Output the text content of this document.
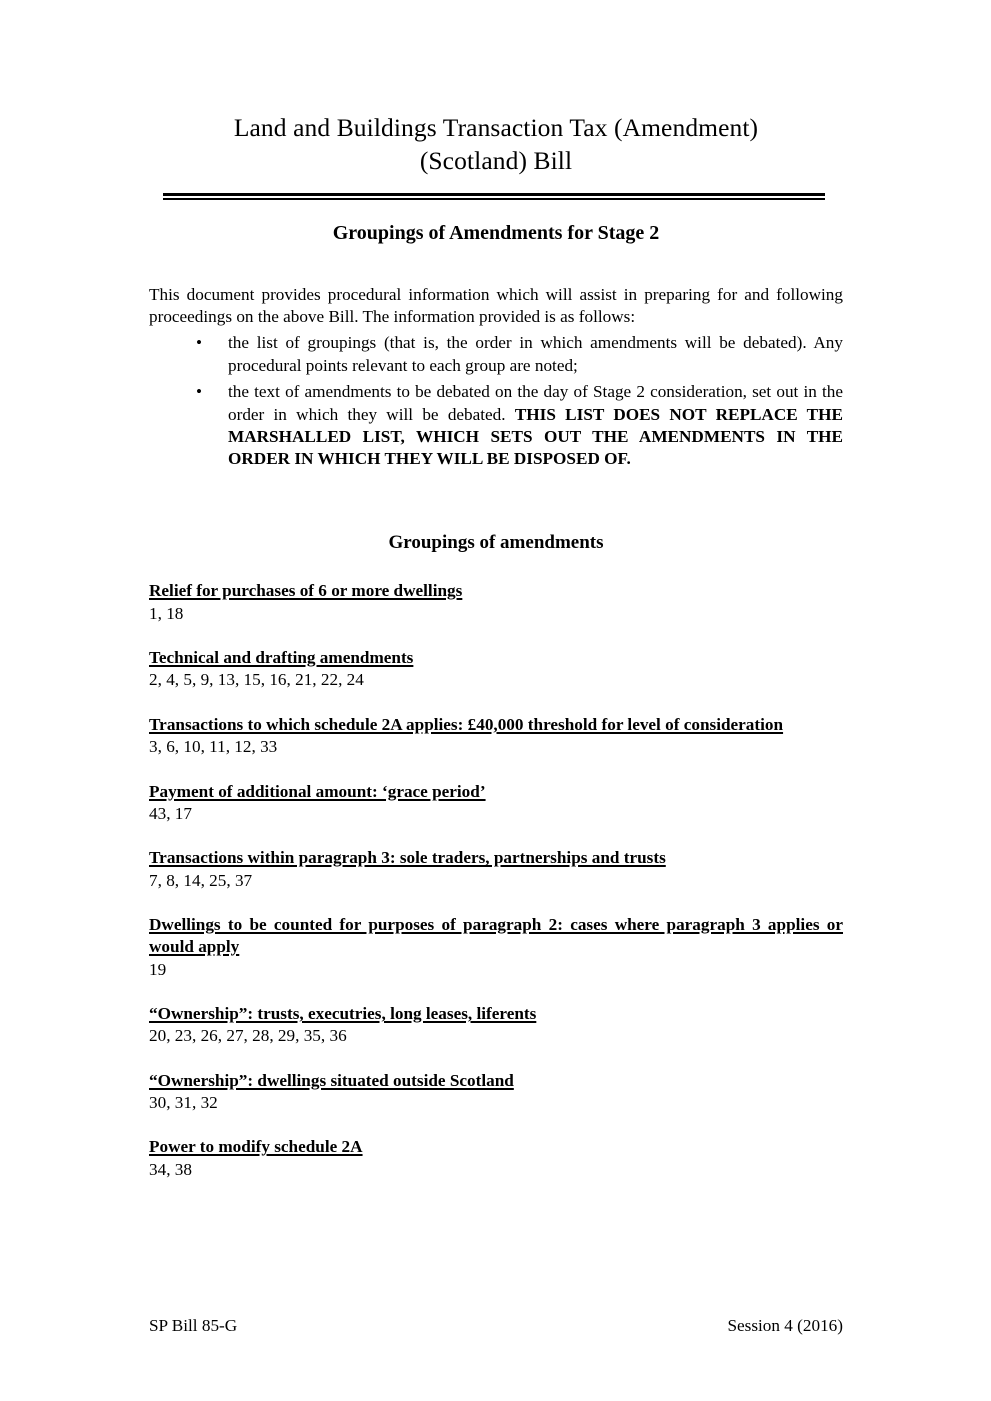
Land and Buildings Transaction Tax (Amendment)
(Scotland) Bill
Groupings of Amendments for Stage 2

This document provides procedural information which will assist in preparing for and following proceedings on the above Bill. The information provided is as follows:

• the list of groupings (that is, the order in which amendments will be debated). Any procedural points relevant to each group are noted;
• the text of amendments to be debated on the day of Stage 2 consideration, set out in the order in which they will be debated. THIS LIST DOES NOT REPLACE THE MARSHALLED LIST, WHICH SETS OUT THE AMENDMENTS IN THE ORDER IN WHICH THEY WILL BE DISPOSED OF.
Groupings of amendments
Relief for purchases of 6 or more dwellings
1, 18
Technical and drafting amendments
2, 4, 5, 9, 13, 15, 16, 21, 22, 24
Transactions to which schedule 2A applies: £40,000 threshold for level of consideration
3, 6, 10, 11, 12, 33
Payment of additional amount: ‘grace period’
43, 17
Transactions within paragraph 3: sole traders, partnerships and trusts
7, 8, 14, 25, 37
Dwellings to be counted for purposes of paragraph 2: cases where paragraph 3 applies or would apply
19
“Ownership”: trusts, executries, long leases, liferents
20, 23, 26, 27, 28, 29, 35, 36
“Ownership”: dwellings situated outside Scotland
30, 31, 32
Power to modify schedule 2A
34, 38
SP Bill 85-G	Session 4 (2016)
